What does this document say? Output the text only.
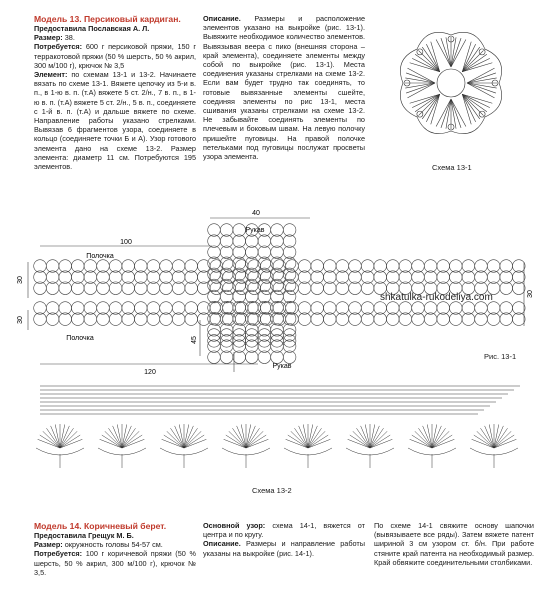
Модель 13. Персиковый кардиган.

Предоставила Пославская А. Л.

Размер: 38.

Потребуется: 600 г персиковой пряжи, 150 г терракотовой пряжи (50 % шерсть, 50 % акрил, 300 м/100 г), крючок № 3,5

Элемент: по схемам 13-1 и 13-2. Начинаете вязать по схеме 13-1. Вяжете цепочку из 5-и в. п., в 1-ю в. п. (т.А) вяжете 5 ст. 2/н., 7 в. п., в 1-ю в. п. (т.А) вяжете 5 ст. 2/н., 5 в. п., соединяете с 1-й в. п. (т.А) и дальше вяжете по схеме. Направление работы указано стрелками. Вывязав 6 фрагментов узора, соединяете в кольцо (соединяете точки Б и А). Узор готового элемента дано на схеме 13-2. Размер элемента: диаметр 11 см. Потребуются 195 элементов.

Описание. Размеры и расположение элементов указано на выкройке (рис. 13-1). Вывяжите необходимое количество элементов. Вывязывая веера с пико (внешняя сторона – край элемента), соединяете элементы между собой по выкройке (рис. 13-1). Места соединения указаны стрелками на схеме 13-2. Если вам будет трудно так соединять, то готовые вывязанные элементы сшейте, соединяя элементы по рис 13-1, места сшивания указаны стрелками на схеме 13-2. Не забывайте соединять элементы по плечевым и боковым швам. На левую полочку пришейте пуговицы. На правой полочке петельками под пуговицы послужат просветы узора элемента.

Схема 13-1
40
100
120
30
30
30
45
Рукав
Полочка
Полочка
Рукав
shkatulka-rukodeliya.com
Рис. 13-1
Схема 13-2
Модель 14. Коричневый берет.

Предоставила Грещук М. Б.

Размер: окружность головы 54-57 см.

Потребуется: 100 г коричневой пряжи (50 % шерсть, 50 % акрил, 300 м/100 г), крючок № 3,5.

Основной узор: схема 14-1, вяжется от центра и по кругу.

Описание. Размеры и направление работы указаны на выкройке (рис. 14-1).

По схеме 14-1 свяжите основу шапочки (вывязываете все ряды). Затем вяжете патент шириной 3 см узором ст. б/н. При работе стяните край патента на необходимый размер. Край обвяжите соединительными столбиками.
